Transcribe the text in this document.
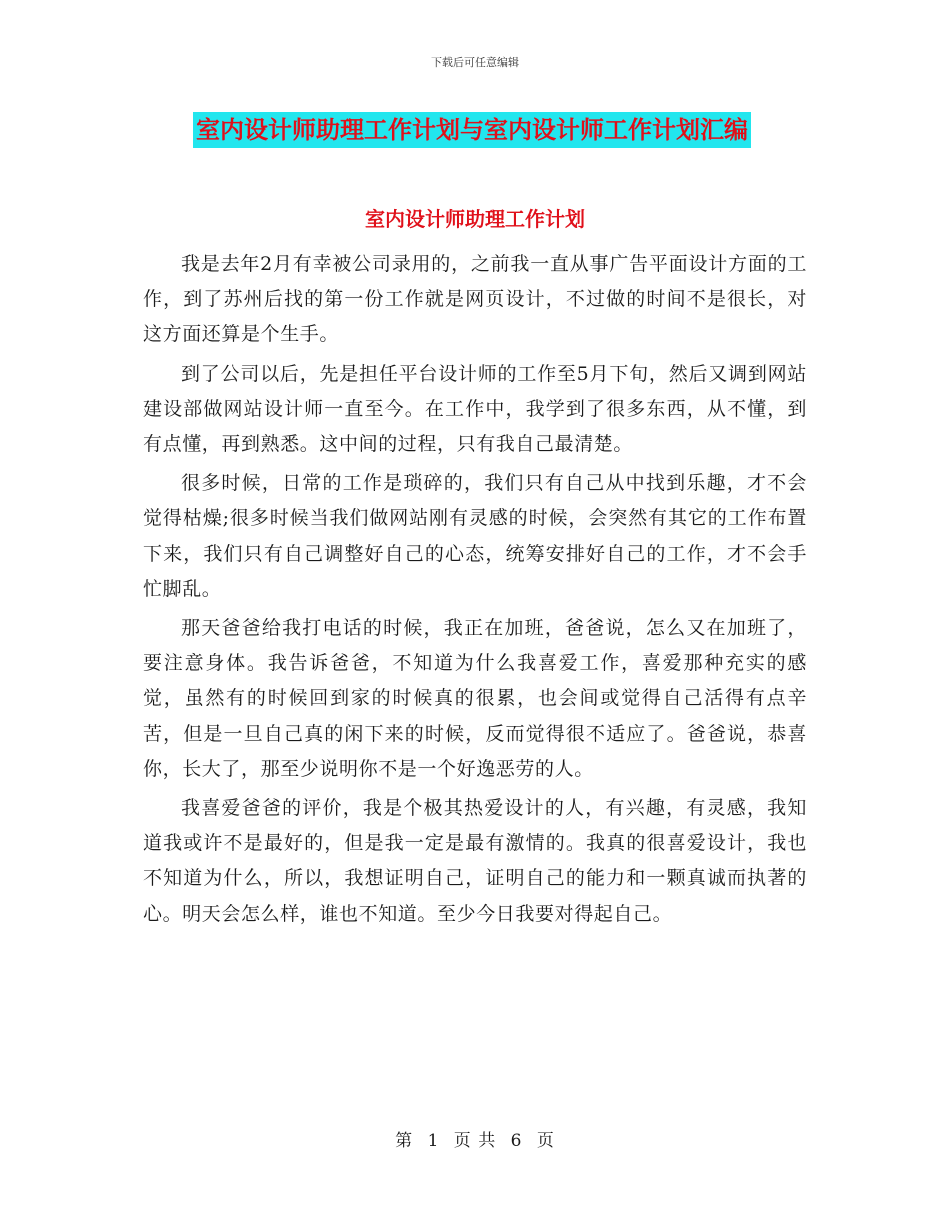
下载后可任意编辑
室内设计师助理工作计划与室内设计师工作计划汇编
室内设计师助理工作计划

我是去年2月有幸被公司录用的，之前我一直从事广告平面设计方面的工作，到了苏州后找的第一份工作就是网页设计，不过做的时间不是很长，对这方面还算是个生手。

到了公司以后，先是担任平台设计师的工作至5月下旬，然后又调到网站建设部做网站设计师一直至今。在工作中，我学到了很多东西，从不懂，到有点懂，再到熟悉。这中间的过程，只有我自己最清楚。

很多时候，日常的工作是琐碎的，我们只有自己从中找到乐趣，才不会觉得枯燥;很多时候当我们做网站刚有灵感的时候，会突然有其它的工作布置下来，我们只有自己调整好自己的心态，统筹安排好自己的工作，才不会手忙脚乱。

那天爸爸给我打电话的时候，我正在加班，爸爸说，怎么又在加班了，要注意身体。我告诉爸爸，不知道为什么我喜爱工作，喜爱那种充实的感觉，虽然有的时候回到家的时候真的很累，也会间或觉得自己活得有点辛苦，但是一旦自己真的闲下来的时候，反而觉得很不适应了。爸爸说，恭喜你，长大了，那至少说明你不是一个好逸恶劳的人。

我喜爱爸爸的评价，我是个极其热爱设计的人，有兴趣，有灵感，我知道我或许不是最好的，但是我一定是最有激情的。我真的很喜爱设计，我也不知道为什么，所以，我想证明自己，证明自己的能力和一颗真诚而执著的心。明天会怎么样，谁也不知道。至少今日我要对得起自己。

第 1 页 共 6 页
